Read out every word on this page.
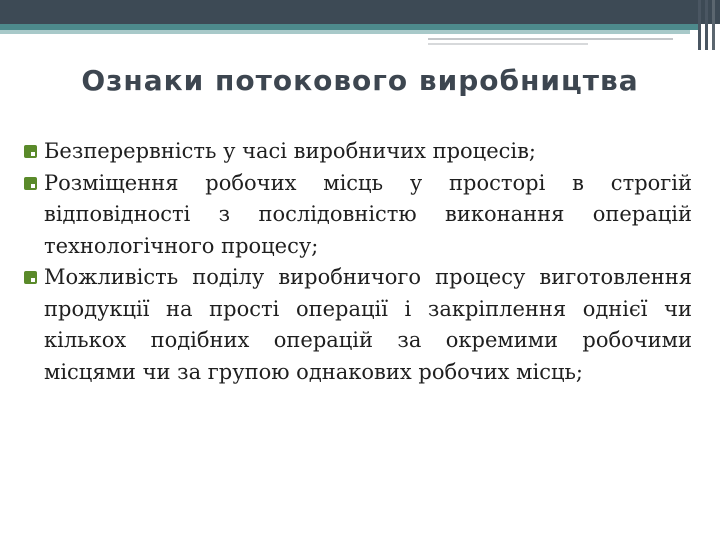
Ознаки потокового виробництва

Безперервність у часі виробничих процесів;

Розміщення робочих місць у просторі в строгій відповідності з послідовністю виконання операцій технологічного процесу;

Можливість поділу виробничого процесу виготовлення продукції на прості операції і закріплення однієї чи кількох подібних операцій за окремими робочими місцями чи за групою однакових робочих місць;
